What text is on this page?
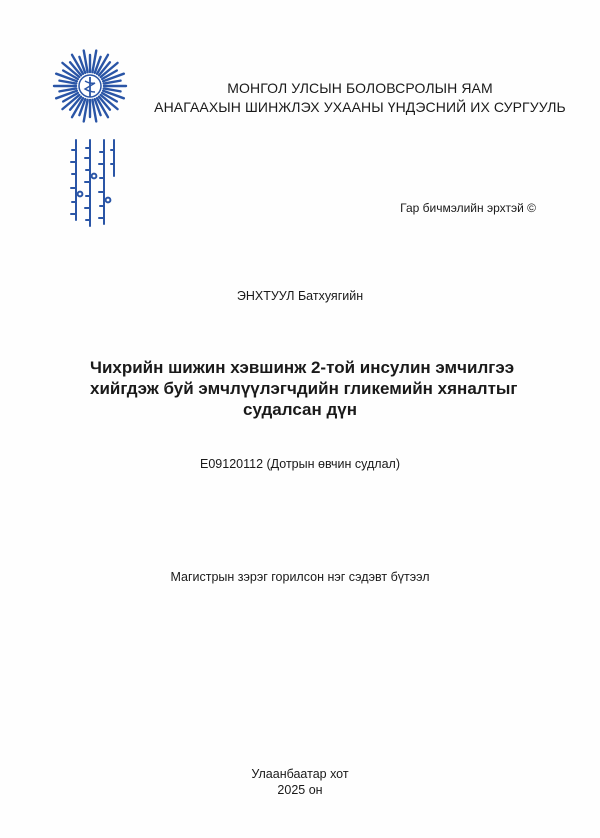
МОНГОЛ УЛСЫН БОЛОВСРОЛЫН ЯАМ
АНАГААХЫН ШИНЖЛЭХ УХААНЫ ҮНДЭСНИЙ ИХ СУРГУУЛЬ
Гар бичмэлийн эрхтэй ©
ЭНХТУУЛ Батхуягийн
Чихрийн шижин хэвшинж 2-той инсулин эмчилгээ
хийгдэж буй эмчлүүлэгчдийн гликемийн хяналтыг
судалсан дүн
E09120112 (Дотрын өвчин судлал)
Магистрын зэрэг горилсон нэг сэдэвт бүтээл
Улаанбаатар хот
2025 он
